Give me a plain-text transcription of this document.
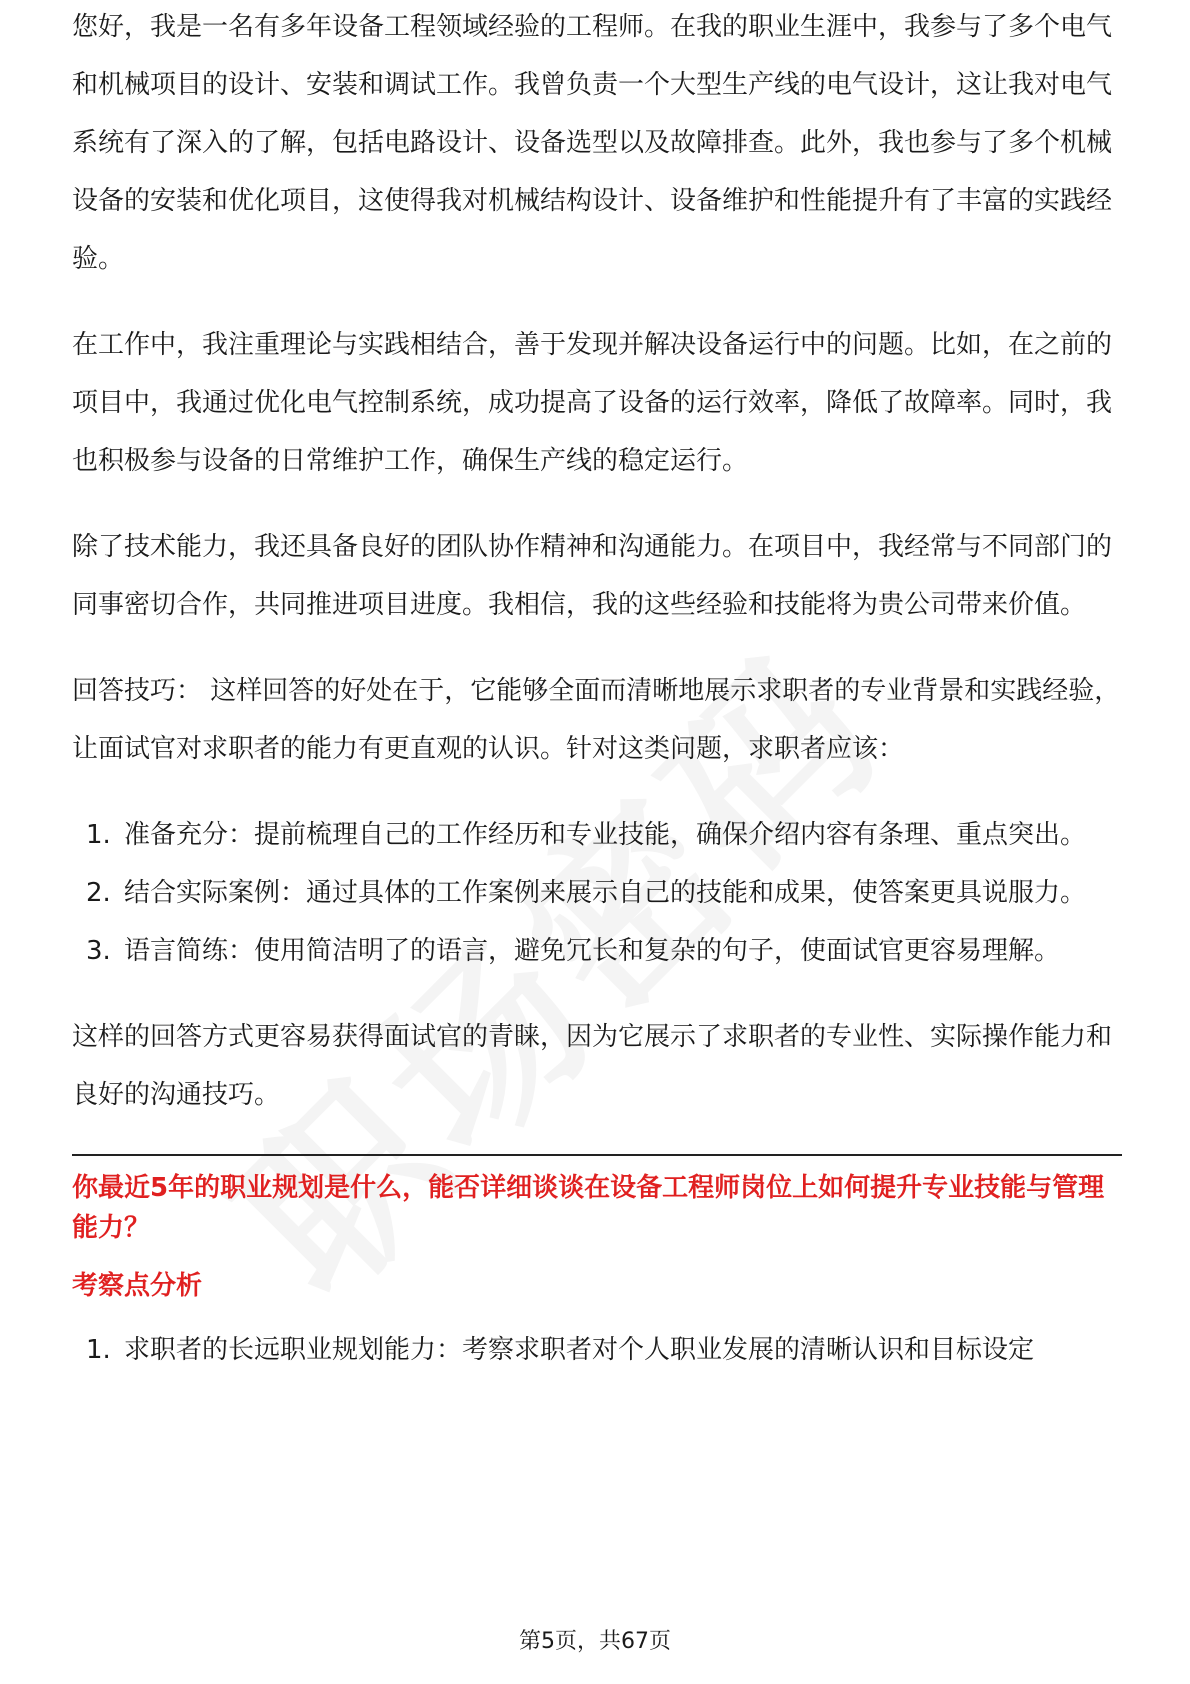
您好，我是一名有多年设备工程领域经验的工程师。在我的职业生涯中，我参与了多个电气和机械项目的设计、安装和调试工作。我曾负责一个大型生产线的电气设计，这让我对电气系统有了深入的了解，包括电路设计、设备选型以及故障排查。此外，我也参与了多个机械设备的安装和优化项目，这使得我对机械结构设计、设备维护和性能提升有了丰富的实践经验。

在工作中，我注重理论与实践相结合，善于发现并解决设备运行中的问题。比如，在之前的项目中，我通过优化电气控制系统，成功提高了设备的运行效率，降低了故障率。同时，我也积极参与设备的日常维护工作，确保生产线的稳定运行。

除了技术能力，我还具备良好的团队协作精神和沟通能力。在项目中，我经常与不同部门的同事密切合作，共同推进项目进度。我相信，我的这些经验和技能将为贵公司带来价值。

回答技巧： 这样回答的好处在于，它能够全面而清晰地展示求职者的专业背景和实践经验，让面试官对求职者的能力有更直观的认识。针对这类问题，求职者应该：

1. 准备充分：提前梳理自己的工作经历和专业技能，确保介绍内容有条理、重点突出。
2. 结合实际案例：通过具体的工作案例来展示自己的技能和成果，使答案更具说服力。
3. 语言简练：使用简洁明了的语言，避免冗长和复杂的句子，使面试官更容易理解。

这样的回答方式更容易获得面试官的青睐，因为它展示了求职者的专业性、实际操作能力和良好的沟通技巧。

你最近5年的职业规划是什么，能否详细谈谈在设备工程师岗位上如何提升专业技能与管理能力？
考察点分析
1. 求职者的长远职业规划能力：考察求职者对个人职业发展的清晰认识和目标设定
第5页，共67页
